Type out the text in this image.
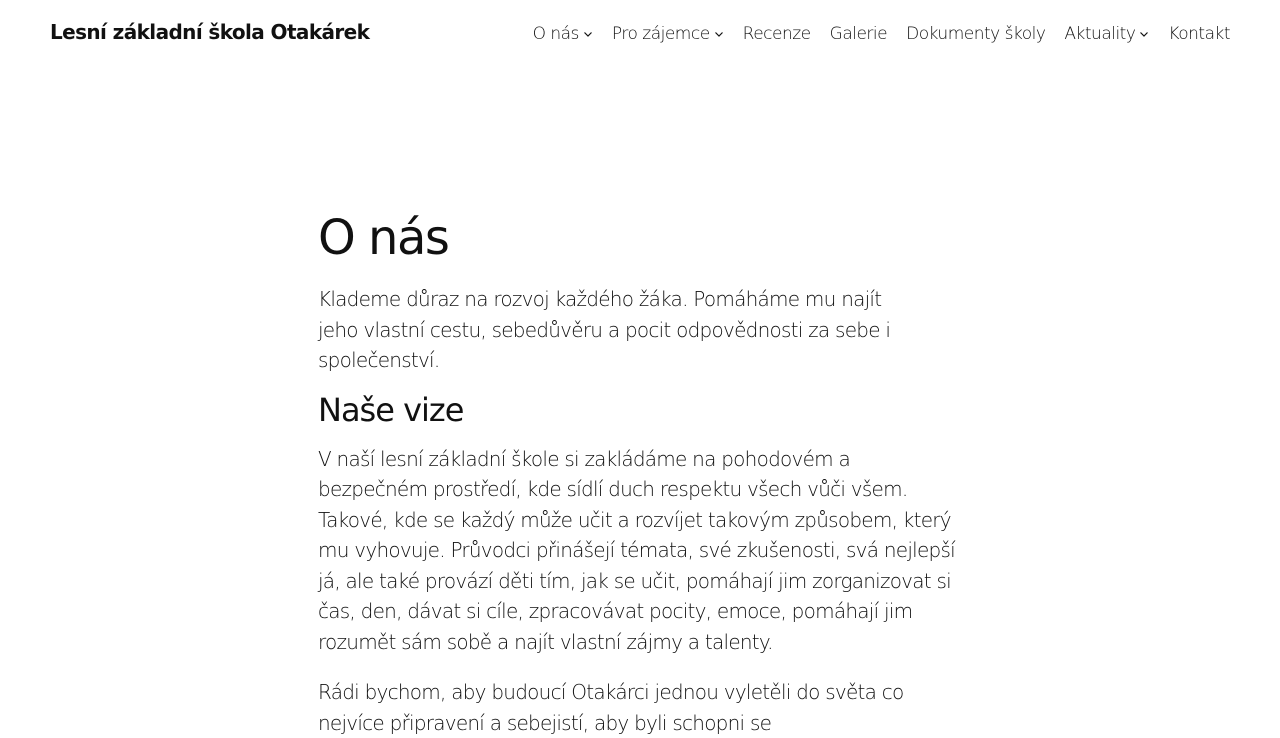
Lesní základní škola Otakárek	O nás Pro zájemce Recenze Galerie Dokumenty školy Aktuality Kontakt
O nás

Klademe důraz na rozvoj každého žáka. Pomáháme mu najít jeho vlastní cestu, sebedůvěru a pocit odpovědnosti za sebe i společenství.

Naše vize

V naší lesní základní škole si zakládáme na pohodovém a bezpečném prostředí, kde sídlí duch respektu všech vůči všem. Takové, kde se každý může učit a rozvíjet takovým způsobem, který mu vyhovuje. Průvodci přinášejí témata, své zkušenosti, svá nejlepší já, ale také provází děti tím, jak se učit, pomáhají jim zorganizovat si čas, den, dávat si cíle, zpracovávat pocity, emoce, pomáhají jim rozumět sám sobě a najít vlastní zájmy a talenty.

Rádi bychom, aby budoucí Otakárci jednou vyletěli do světa co nejvíce připravení a sebejistí, aby byli schopni se
